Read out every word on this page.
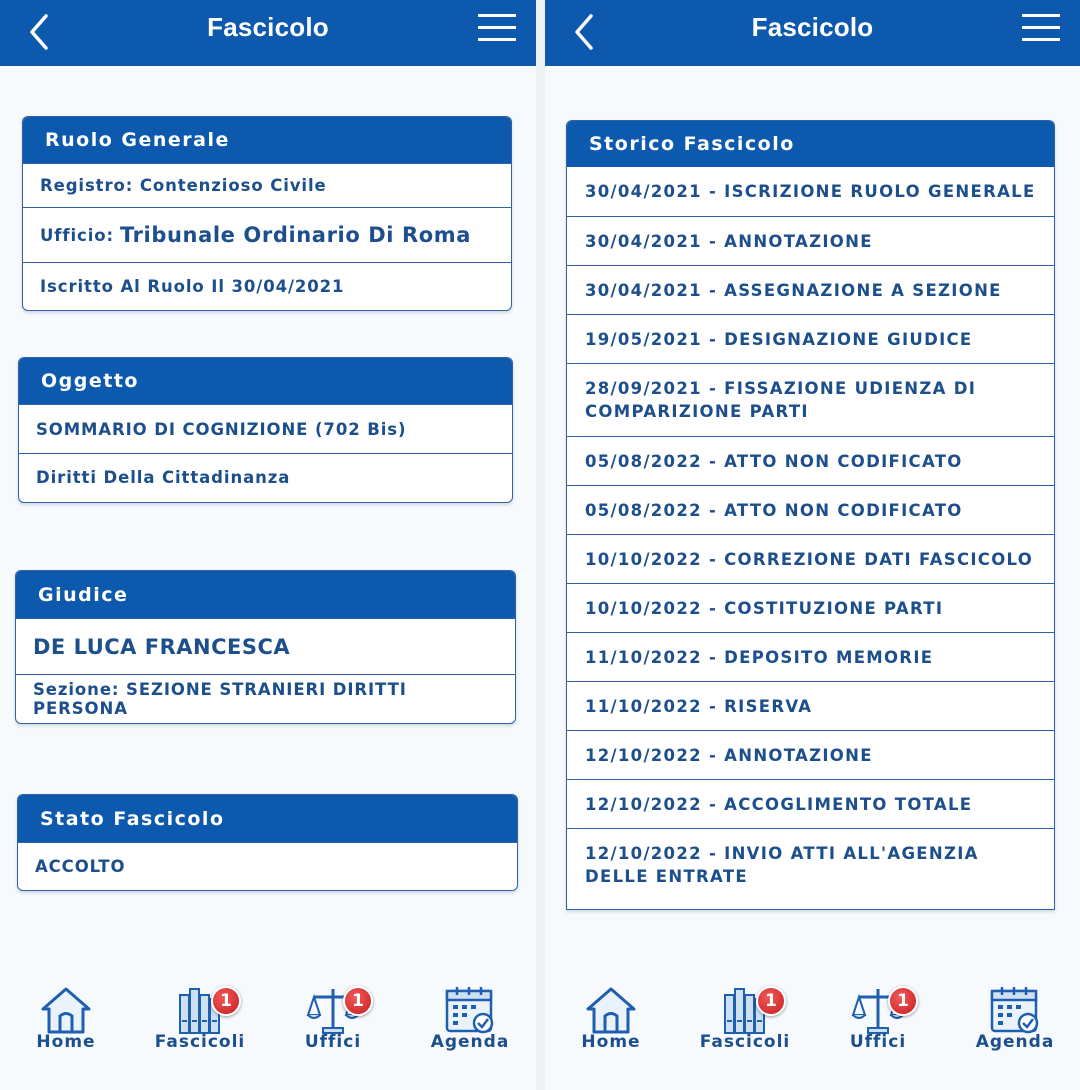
Fascicolo
Ruolo Generale
Registro: Contenzioso Civile
Ufficio: Tribunale Ordinario Di Roma
Iscritto Al Ruolo Il 30/04/2021
Oggetto
SOMMARIO DI COGNIZIONE (702 Bis)
Diritti Della Cittadinanza
Giudice
DE LUCA FRANCESCA
Sezione: SEZIONE STRANIERI DIRITTI PERSONA
Stato Fascicolo
ACCOLTO
Home
1
Fascicoli
1
Uffici	Agenda
Fascicolo
Storico Fascicolo
30/04/2021 - ISCRIZIONE RUOLO GENERALE
30/04/2021 - ANNOTAZIONE
30/04/2021 - ASSEGNAZIONE A SEZIONE
19/05/2021 - DESIGNAZIONE GIUDICE
28/09/2021 - FISSAZIONE UDIENZA DI COMPARIZIONE PARTI
05/08/2022 - ATTO NON CODIFICATO
05/08/2022 - ATTO NON CODIFICATO
10/10/2022 - CORREZIONE DATI FASCICOLO
10/10/2022 - COSTITUZIONE PARTI
11/10/2022 - DEPOSITO MEMORIE
11/10/2022 - RISERVA
12/10/2022 - ANNOTAZIONE
12/10/2022 - ACCOGLIMENTO TOTALE
12/10/2022 - INVIO ATTI ALL'AGENZIA DELLE ENTRATE
Home
1
Fascicoli
1
Uffici	Agenda
